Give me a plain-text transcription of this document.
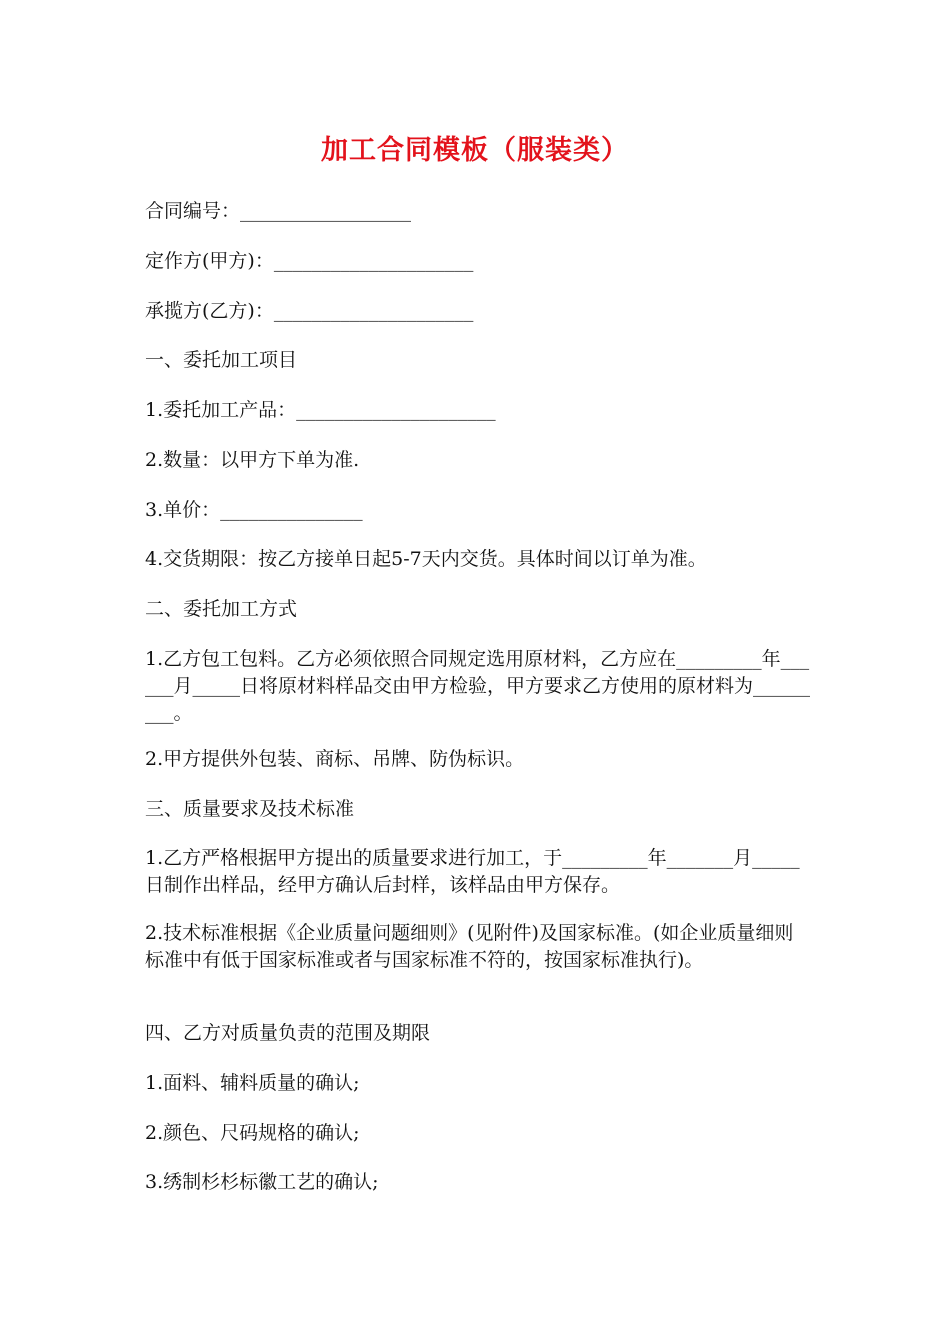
加工合同模板（服装类）
合同编号：__________________
定作方(甲方)：_____________________
承揽方(乙方)：_____________________
一、委托加工项目
1.委托加工产品：_____________________
2.数量：以甲方下单为准.
3.单价：_______________
4.交货期限：按乙方接单日起5-7天内交货。具体时间以订单为准。
二、委托加工方式
1.乙方包工包料。乙方必须依照合同规定选用原材料，乙方应在_________年______月_____日将原材料样品交由甲方检验，甲方要求乙方使用的原材料为_________。
2.甲方提供外包装、商标、吊牌、防伪标识。
三、质量要求及技术标准
1.乙方严格根据甲方提出的质量要求进行加工，于_________年_______月_____日制作出样品，经甲方确认后封样，该样品由甲方保存。
2.技术标准根据《企业质量问题细则》(见附件)及国家标准。(如企业质量细则标准中有低于国家标准或者与国家标准不符的，按国家标准执行)。
四、乙方对质量负责的范围及期限
1.面料、辅料质量的确认;
2.颜色、尺码规格的确认;
3.绣制杉杉标徽工艺的确认;
